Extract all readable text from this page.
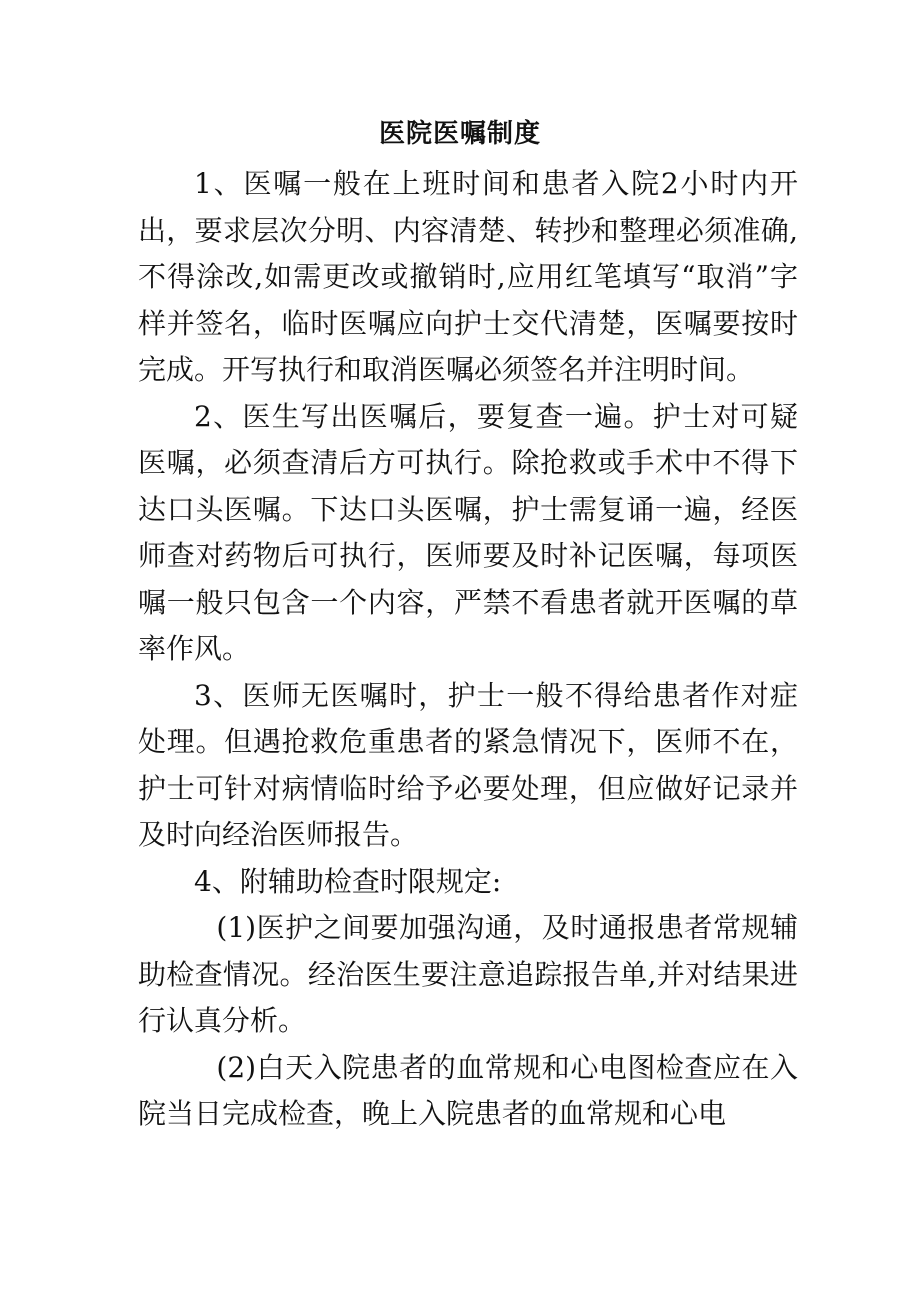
医院医嘱制度

1、医嘱一般在上班时间和患者入院2小时内开出，要求层次分明、内容清楚、转抄和整理必须准确,不得涂改,如需更改或撤销时,应用红笔填写“取消”字样并签名，临时医嘱应向护士交代清楚，医嘱要按时完成。开写执行和取消医嘱必须签名并注明时间。

2、医生写出医嘱后，要复查一遍。护士对可疑医嘱，必须查清后方可执行。除抢救或手术中不得下达口头医嘱。下达口头医嘱，护士需复诵一遍，经医师查对药物后可执行，医师要及时补记医嘱，每项医嘱一般只包含一个内容，严禁不看患者就开医嘱的草率作风。

3、医师无医嘱时，护士一般不得给患者作对症处理。但遇抢救危重患者的紧急情况下，医师不在，护士可针对病情临时给予必要处理，但应做好记录并及时向经治医师报告。

4、附辅助检查时限规定:

(1)医护之间要加强沟通，及时通报患者常规辅助检查情况。经治医生要注意追踪报告单,并对结果进行认真分析。

(2)白天入院患者的血常规和心电图检查应在入院当日完成检查，晚上入院患者的血常规和心电
